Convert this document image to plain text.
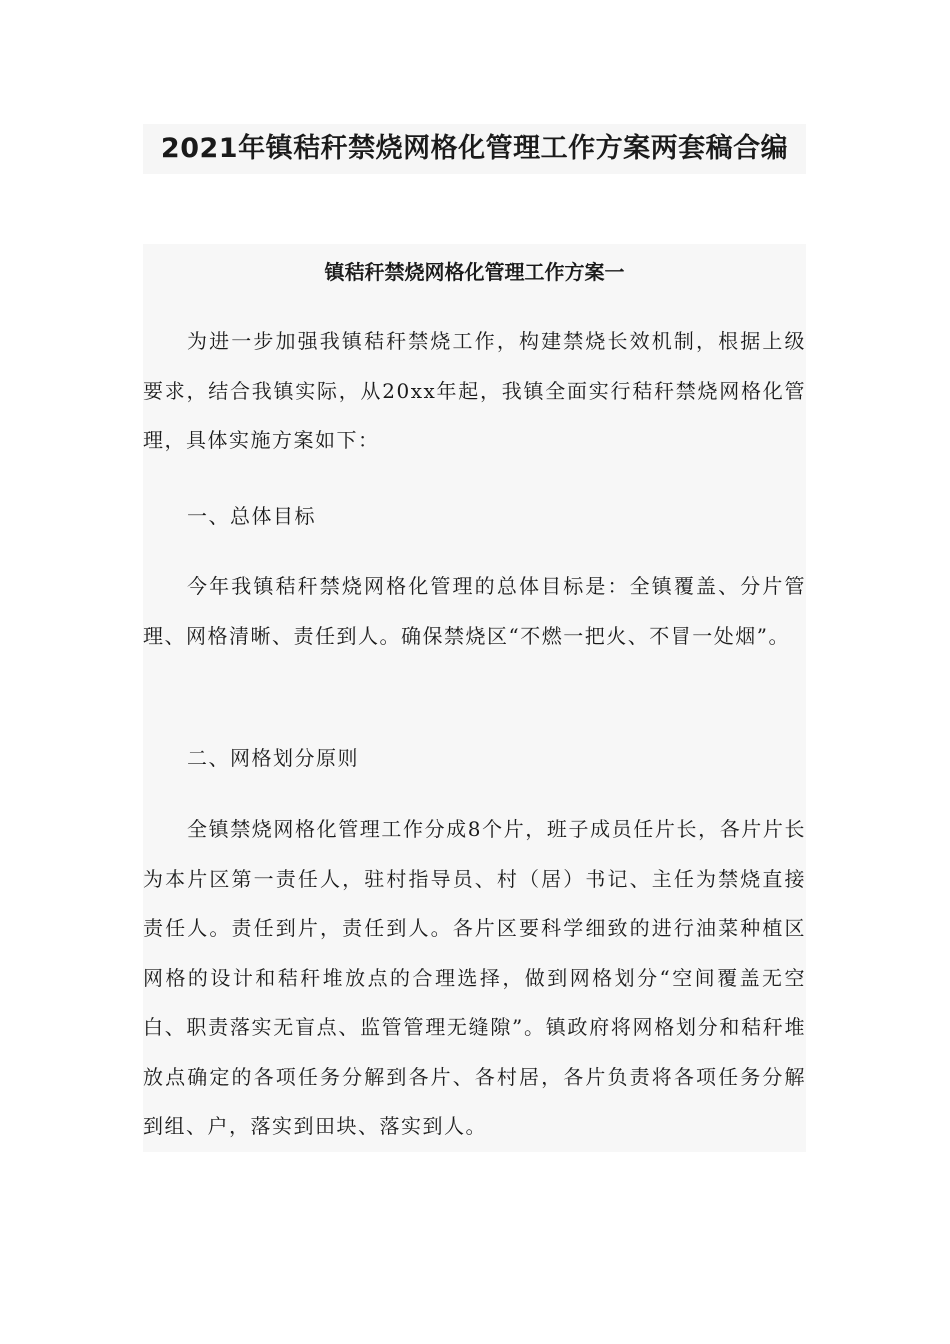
2021年镇秸秆禁烧网格化管理工作方案两套稿合编
镇秸秆禁烧网格化管理工作方案一

为进一步加强我镇秸秆禁烧工作，构建禁烧长效机制，根据上级要求，结合我镇实际，从20xx年起，我镇全面实行秸秆禁烧网格化管理，具体实施方案如下：

一、总体目标

今年我镇秸秆禁烧网格化管理的总体目标是：全镇覆盖、分片管理、网格清晰、责任到人。确保禁烧区“不燃一把火、不冒一处烟”。

二、网格划分原则

全镇禁烧网格化管理工作分成8个片，班子成员任片长，各片片长为本片区第一责任人，驻村指导员、村（居）书记、主任为禁烧直接责任人。责任到片，责任到人。各片区要科学细致的进行油菜种植区网格的设计和秸秆堆放点的合理选择，做到网格划分“空间覆盖无空白、职责落实无盲点、监管管理无缝隙”。镇政府将网格划分和秸秆堆放点确定的各项任务分解到各片、各村居，各片负责将各项任务分解到组、户，落实到田块、落实到人。
